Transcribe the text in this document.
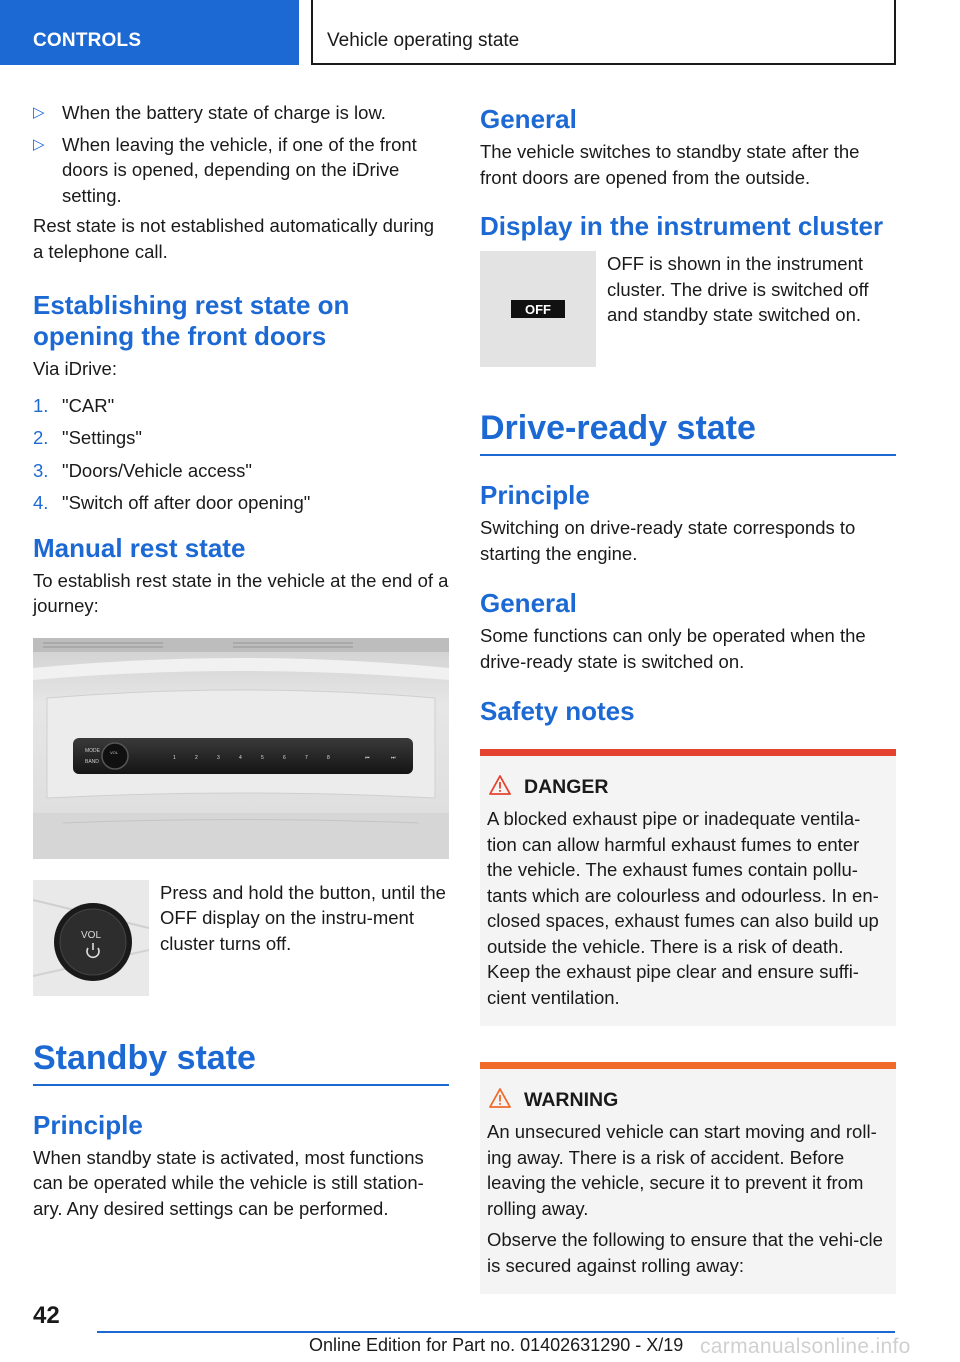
CONTROLS	Vehicle operating state
▷ When the battery state of charge is low.
▷ When leaving the vehicle, if one of the front doors is opened, depending on the iDrive setting.

Rest state is not established automatically during a telephone call.

Establishing rest state on opening the front doors

Via iDrive:

1. "CAR"
2. "Settings"
3. "Doors/Vehicle access"
4. "Switch off after door opening"
Manual rest state

To establish rest state in the vehicle at the end of a journey:

MODE
BAND
VOL
1	2	3	4	5	6	7	8	⏮	⏭
VOL

Press and hold the button, until the OFF display on the instru-ment cluster turns off.

Standby state
Principle

When standby state is activated, most functions can be operated while the vehicle is still station-ary. Any desired settings can be performed.

General

The vehicle switches to standby state after the front doors are opened from the outside.

Display in the instrument cluster
OFF

OFF is shown in the instrument cluster. The drive is switched off and standby state switched on.

Drive-ready state
Principle

Switching on drive-ready state corresponds to starting the engine.

General

Some functions can only be operated when the drive-ready state is switched on.

Safety notes
DANGER

A blocked exhaust pipe or inadequate ventila-tion can allow harmful exhaust fumes to enter the vehicle. The exhaust fumes contain pollu-tants which are colourless and odourless. In en-closed spaces, exhaust fumes can also build up outside the vehicle. There is a risk of death. Keep the exhaust pipe clear and ensure suffi-cient ventilation.

WARNING

An unsecured vehicle can start moving and roll-ing away. There is a risk of accident. Before leaving the vehicle, secure it to prevent it from rolling away.

Observe the following to ensure that the vehi-cle is secured against rolling away:

42
Online Edition for Part no. 01402631290 - X/19 carmanualsonline.info
